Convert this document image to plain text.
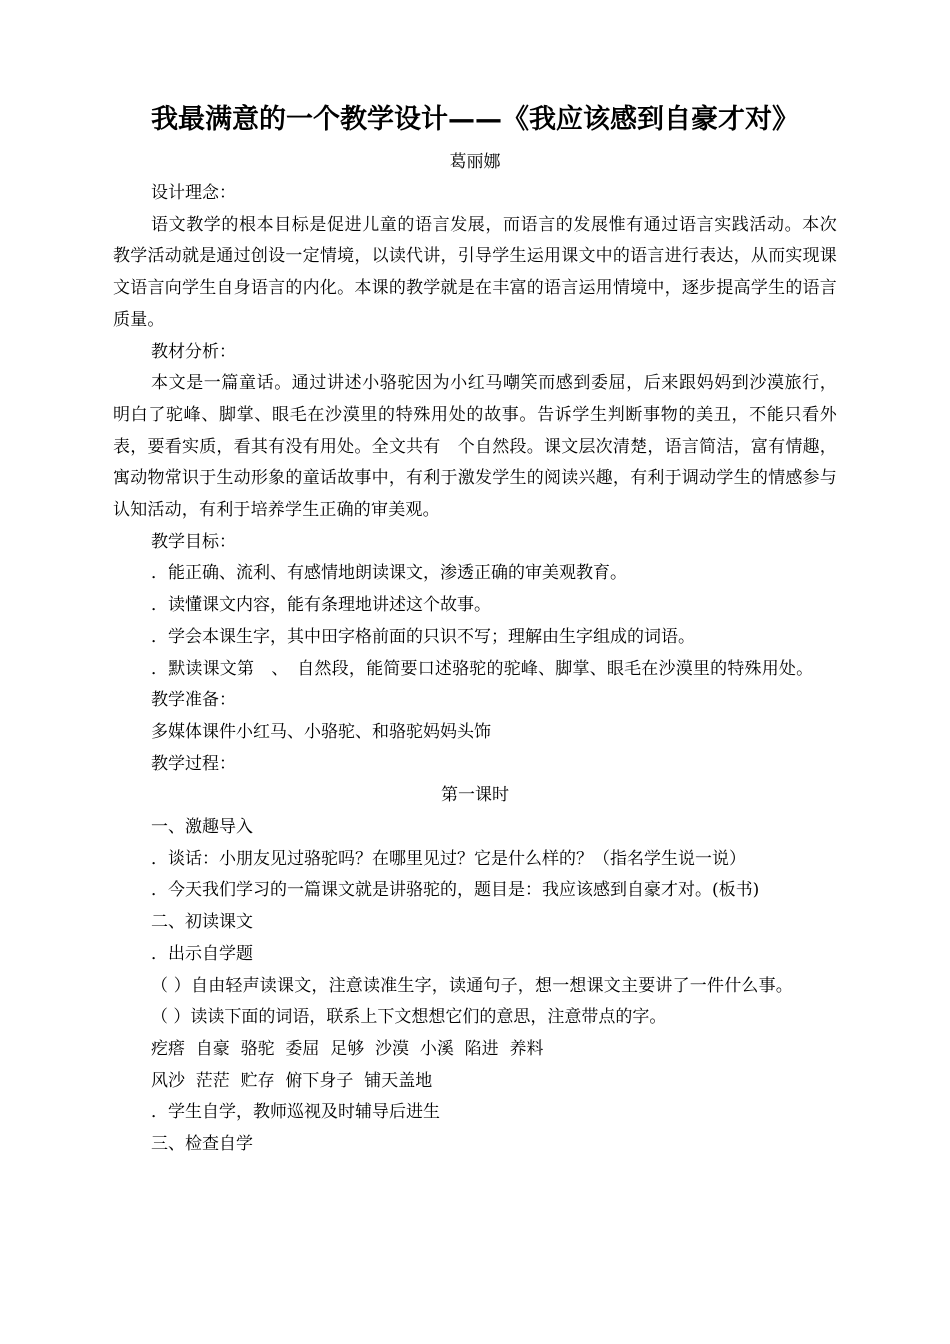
我最满意的一个教学设计——《我应该感到自豪才对》
葛丽娜
设计理念：
语文教学的根本目标是促进儿童的语言发展，而语言的发展惟有通过语言实践活动。本次教学活动就是通过创设一定情境，以读代讲，引导学生运用课文中的语言进行表达，从而实现课文语言向学生自身语言的内化。本课的教学就是在丰富的语言运用情境中，逐步提高学生的语言质量。
教材分析：
本文是一篇童话。通过讲述小骆驼因为小红马嘲笑而感到委屈，后来跟妈妈到沙漠旅行，明白了驼峰、脚掌、眼毛在沙漠里的特殊用处的故事。告诉学生判断事物的美丑，不能只看外表，要看实质，看其有没有用处。全文共有　个自然段。课文层次清楚，语言简洁，富有情趣，寓动物常识于生动形象的童话故事中，有利于激发学生的阅读兴趣，有利于调动学生的情感参与认知活动，有利于培养学生正确的审美观。
教学目标：
．能正确、流利、有感情地朗读课文，渗透正确的审美观教育。
．读懂课文内容，能有条理地讲述这个故事。
．学会本课生字，其中田字格前面的只识不写；理解由生字组成的词语。
．默读课文第　、　自然段，能简要口述骆驼的驼峰、脚掌、眼毛在沙漠里的特殊用处。
教学准备：
多媒体课件小红马、小骆驼、和骆驼妈妈头饰
教学过程：
第一课时
一、激趣导入
．谈话：小朋友见过骆驼吗？在哪里见过？它是什么样的？（指名学生说一说）
．今天我们学习的一篇课文就是讲骆驼的，题目是：我应该感到自豪才对。(板书)
二、初读课文
．出示自学题
（ ）自由轻声读课文，注意读准生字，读通句子，想一想课文主要讲了一件什么事。
（ ）读读下面的词语，联系上下文想想它们的意思，注意带点的字。
疙瘩  自豪  骆驼  委屈  足够  沙漠  小溪  陷进  养料
风沙  茫茫  贮存  俯下身子  铺天盖地
．学生自学，教师巡视及时辅导后进生
三、检查自学
